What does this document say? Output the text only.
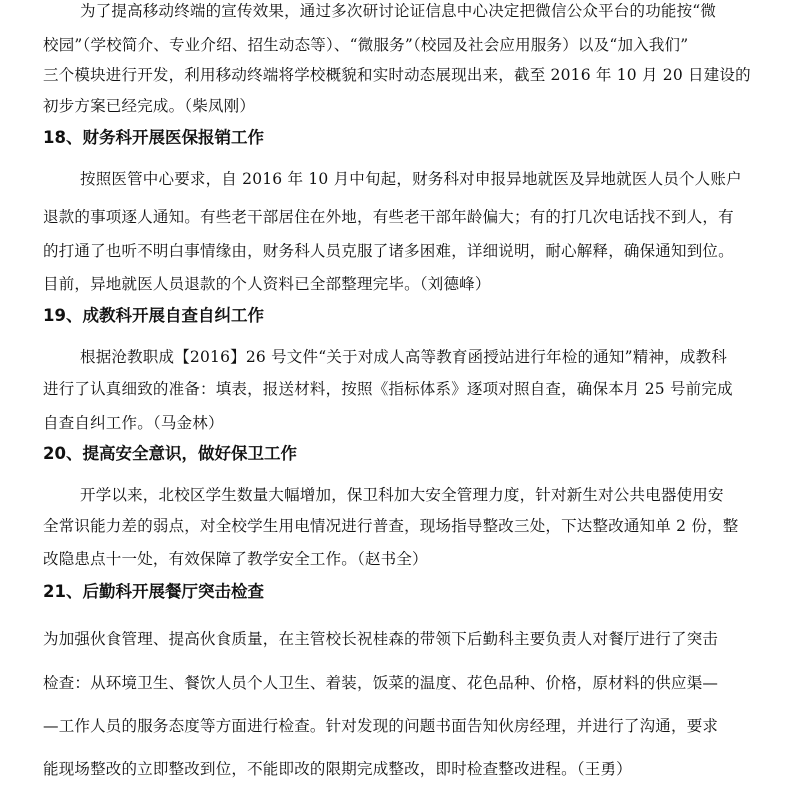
为了提高移动终端的宣传效果，通过多次研讨论证信息中心决定把微信公众平台的功能按“微
校园”（学校简介、专业介绍、招生动态等）、“微服务”（校园及社会应用服务）以及“加入我们”
三个模块进行开发，利用移动终端将学校概貌和实时动态展现出来，截至 2016 年 10 月 20 日建设的
初步方案已经完成。（柴凤刚）
18、财务科开展医保报销工作
按照医管中心要求，自 2016 年 10 月中旬起，财务科对申报异地就医及异地就医人员个人账户
退款的事项逐人通知。有些老干部居住在外地，有些老干部年龄偏大；有的打几次电话找不到人，有
的打通了也听不明白事情缘由，财务科人员克服了诸多困难，详细说明，耐心解释，确保通知到位。
目前，异地就医人员退款的个人资料已全部整理完毕。（刘德峰）
19、成教科开展自查自纠工作
根据沧教职成【2016】26 号文件“关于对成人高等教育函授站进行年检的通知”精神，成教科
进行了认真细致的准备：填表，报送材料，按照《指标体系》逐项对照自查，确保本月 25 号前完成
自查自纠工作。（马金林）
20、提高安全意识，做好保卫工作
开学以来，北校区学生数量大幅增加，保卫科加大安全管理力度，针对新生对公共电器使用安
全常识能力差的弱点，对全校学生用电情况进行普查，现场指导整改三处，下达整改通知单 2 份，整
改隐患点十一处，有效保障了教学安全工作。（赵书全）
21、后勤科开展餐厅突击检查
为加强伙食管理、提高伙食质量，在主管校长祝桂森的带领下后勤科主要负责人对餐厅进行了突击
检查：从环境卫生、餐饮人员个人卫生、着装，饭菜的温度、花色品种、价格，原材料的供应渠—
—工作人员的服务态度等方面进行检查。针对发现的问题书面告知伙房经理，并进行了沟通，要求
能现场整改的立即整改到位，不能即改的限期完成整改，即时检查整改进程。（王勇）
